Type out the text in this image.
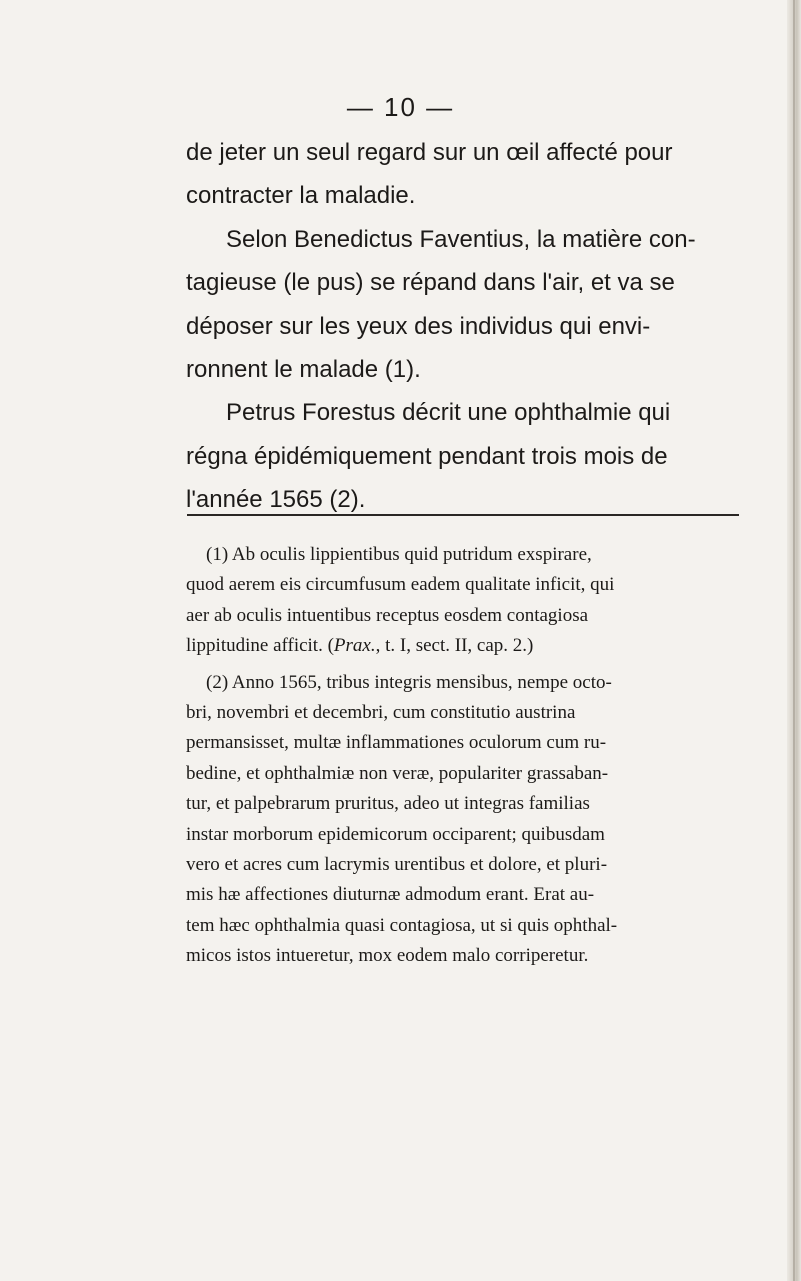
— 10 —

de jeter un seul regard sur un œil affecté pour
contracter la maladie.

Selon Benedictus Faventius, la matière con-
tagieuse (le pus) se répand dans l'air, et va se
déposer sur les yeux des individus qui envi-
ronnent le malade (1).

Petrus Forestus décrit une ophthalmie qui
régna épidémiquement pendant trois mois de
l'année 1565 (2).

(1) Ab oculis lippientibus quid putridum exspirare,
quod aerem eis circumfusum eadem qualitate inficit, qui
aer ab oculis intuentibus receptus eosdem contagiosa
lippitudine afficit. (Prax., t. I, sect. II, cap. 2.)

(2) Anno 1565, tribus integris mensibus, nempe octo-
bri, novembri et decembri, cum constitutio austrina
permansisset, multæ inflammationes oculorum cum ru-
bedine, et ophthalmiæ non veræ, populariter grassaban-
tur, et palpebrarum pruritus, adeo ut integras familias
instar morborum epidemicorum occiparent; quibusdam
vero et acres cum lacrymis urentibus et dolore, et pluri-
mis hæ affectiones diuturnæ admodum erant. Erat au-
tem hæc ophthalmia quasi contagiosa, ut si quis ophthal-
micos istos intueretur, mox eodem malo corriperetur.
